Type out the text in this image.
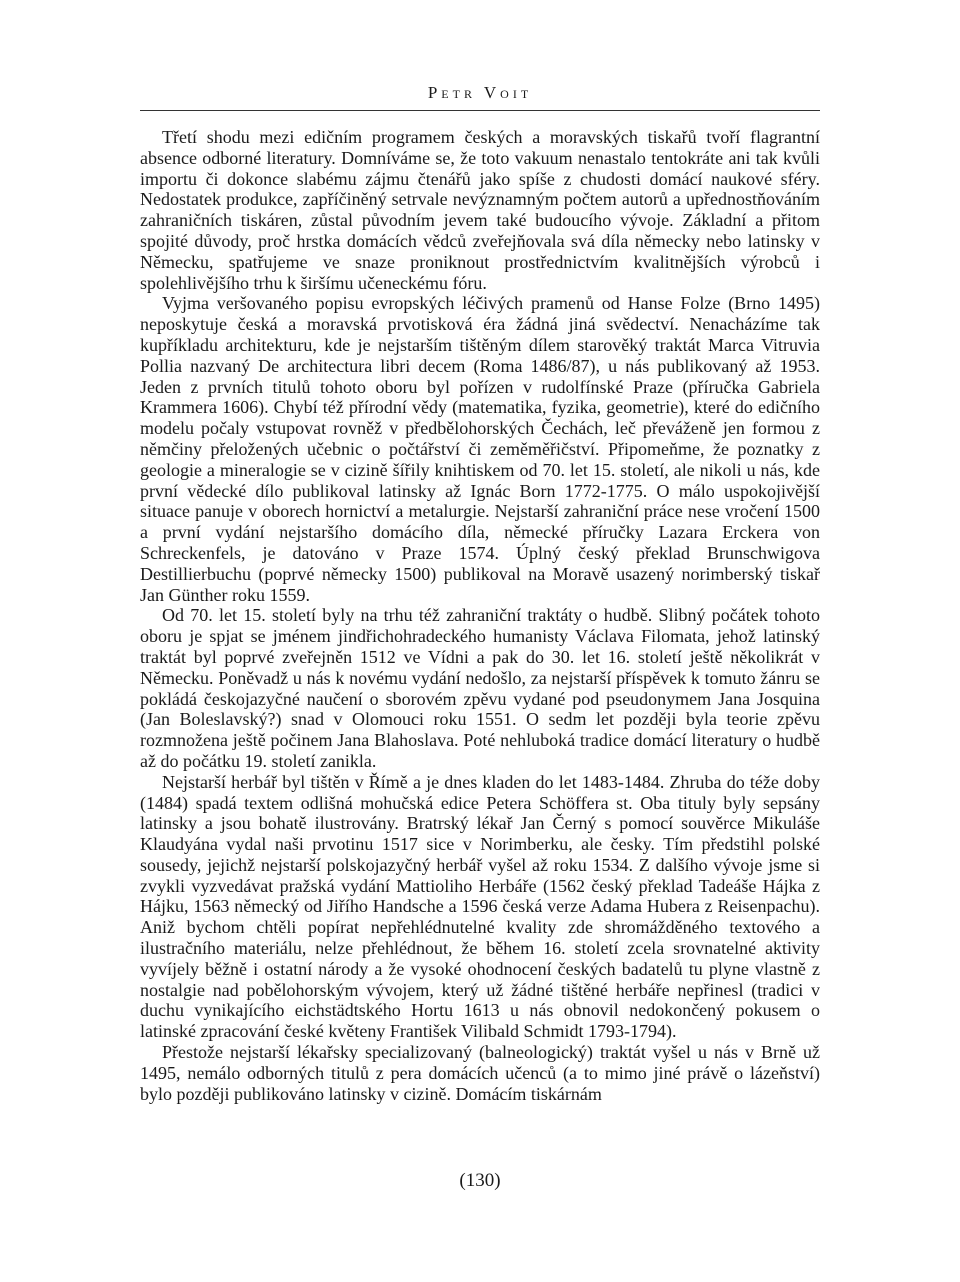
Petr Voit

Třetí shodu mezi edičním programem českých a moravských tiskařů tvoří flagrantní absence odborné literatury. Domníváme se, že toto vakuum nenastalo tentokráte ani tak kvůli importu či dokonce slabému zájmu čtenářů jako spíše z chudosti domácí naukové sféry. Nedostatek produkce, zapříčiněný setrvale nevýznamným počtem autorů a upřednostňováním zahraničních tiskáren, zůstal původním jevem také budoucího vývoje. Základní a přitom spojité důvody, proč hrstka domácích vědců zveřejňovala svá díla německy nebo latinsky v Německu, spatřujeme ve snaze proniknout prostřednictvím kvalitnějších výrobců i spolehlivějšího trhu k širšímu učeneckému fóru.

Vyjma veršovaného popisu evropských léčivých pramenů od Hanse Folze (Brno 1495) neposkytuje česká a moravská prvotisková éra žádná jiná svědectví. Nenacházíme tak kupříkladu architekturu, kde je nejstarším tištěným dílem starověký traktát Marca Vitruvia Pollia nazvaný De architectura libri decem (Roma 1486/87), u nás publikovaný až 1953. Jeden z prvních titulů tohoto oboru byl pořízen v rudolfínské Praze (příručka Gabriela Krammera 1606). Chybí též přírodní vědy (matematika, fyzika, geometrie), které do edičního modelu počaly vstupovat rovněž v předbělohorských Čechách, leč převáženě jen formou z němčiny přeložených učebnic o počtářství či zeměměřičství. Připomeňme, že poznatky z geologie a mineralogie se v cizině šířily knihtiskem od 70. let 15. století, ale nikoli u nás, kde první vědecké dílo publikoval latinsky až Ignác Born 1772-1775. O málo uspokojivější situace panuje v oborech hornictví a metalurgie. Nejstarší zahraniční práce nese vročení 1500 a první vydání nejstaršího domácího díla, německé příručky Lazara Erckera von Schreckenfels, je datováno v Praze 1574. Úplný český překlad Brunschwigova Destillierbuchu (poprvé německy 1500) publikoval na Moravě usazený norimberský tiskař Jan Günther roku 1559.

Od 70. let 15. století byly na trhu též zahraniční traktáty o hudbě. Slibný počátek tohoto oboru je spjat se jménem jindřichohradeckého humanisty Václava Filomata, jehož latinský traktát byl poprvé zveřejněn 1512 ve Vídni a pak do 30. let 16. století ještě několikrát v Německu. Poněvadž u nás k novému vydání nedošlo, za nejstarší příspěvek k tomuto žánru se pokládá českojazyčné naučení o sborovém zpěvu vydané pod pseudonymem Jana Josquina (Jan Boleslavský?) snad v Olomouci roku 1551. O sedm let později byla teorie zpěvu rozmnožena ještě počinem Jana Blahoslava. Poté nehluboká tradice domácí literatury o hudbě až do počátku 19. století zanikla.

Nejstarší herbář byl tištěn v Římě a je dnes kladen do let 1483-1484. Zhruba do téže doby (1484) spadá textem odlišná mohučská edice Petera Schöffera st. Oba tituly byly sepsány latinsky a jsou bohatě ilustrovány. Bratrský lékař Jan Černý s pomocí souvěrce Mikuláše Klaudyána vydal naši prvotinu 1517 sice v Norimberku, ale česky. Tím předstihl polské sousedy, jejichž nejstarší polskojazyčný herbář vyšel až roku 1534. Z dalšího vývoje jsme si zvykli vyzvedávat pražská vydání Mattioliho Herbáře (1562 český překlad Tadeáše Hájka z Hájku, 1563 německý od Jiřího Handsche a 1596 česká verze Adama Hubera z Reisenpachu). Aniž bychom chtěli popírat nepřehlédnutelné kvality zde shromážděného textového a ilustračního materiálu, nelze přehlédnout, že během 16. století zcela srovnatelné aktivity vyvíjely běžně i ostatní národy a že vysoké ohodnocení českých badatelů tu plyne vlastně z nostalgie nad pobělohorským vývojem, který už žádné tištěné herbáře nepřinesl (tradici v duchu vynikajícího eichstädtského Hortu 1613 u nás obnovil nedokončený pokusem o latinské zpracování české květeny František Vilibald Schmidt 1793-1794).

Přestože nejstarší lékařsky specializovaný (balneologický) traktát vyšel u nás v Brně už 1495, nemálo odborných titulů z pera domácích učenců (a to mimo jiné právě o lázeňství) bylo později publikováno latinsky v cizině. Domácím tiskárnám

(130)
